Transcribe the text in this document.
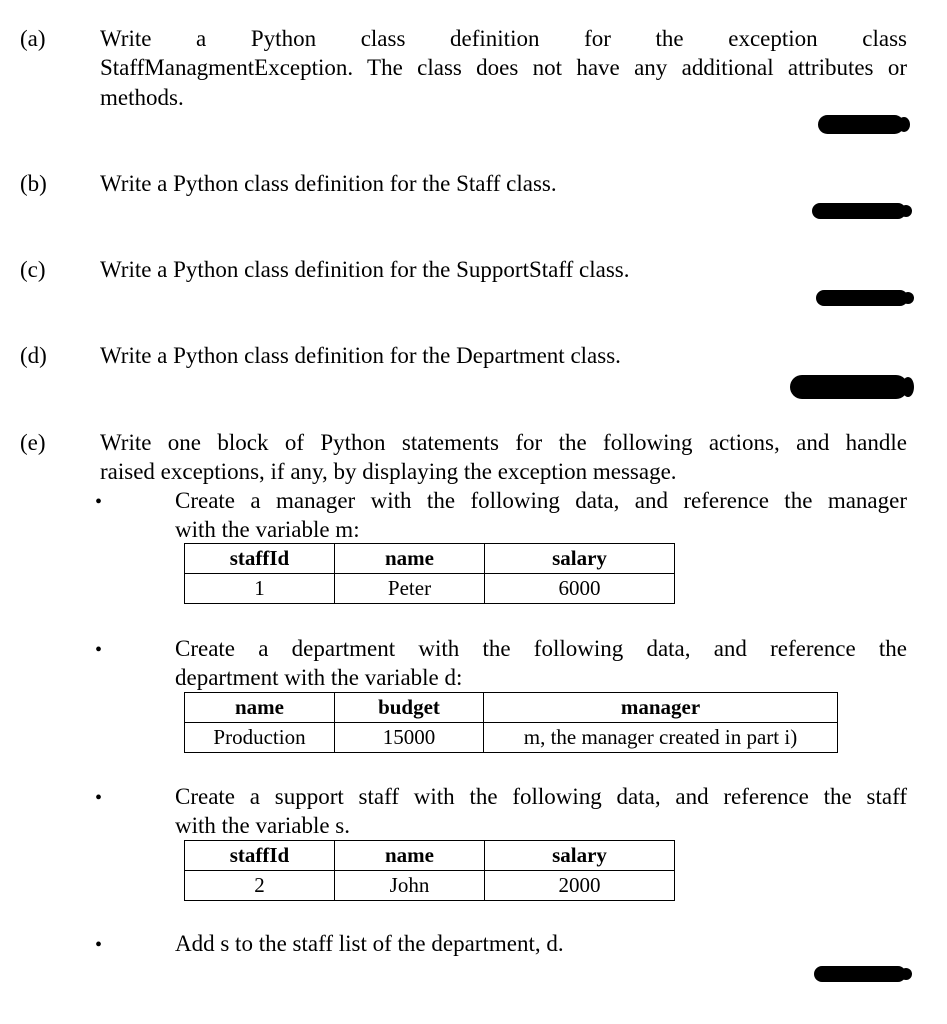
(a) Write a Python class definition for the exception class
StaffManagmentException. The class does not have any additional attributes or
methods.
(b) Write a Python class definition for the Staff class.
(c) Write a Python class definition for the SupportStaff class.
(d) Write a Python class definition for the Department class.
(e) Write one block of Python statements for the following actions, and handle
raised exceptions, if any, by displaying the exception message.
•	Create a manager with the following data, and reference the manager
with the variable m:
staffId	name	salary
1	Peter	6000
•	Create a department with the following data, and reference the
department with the variable d:
name	budget	manager
Production	15000	m, the manager created in part i)
•	Create a support staff with the following data, and reference the staff
with the variable s.
staffId	name	salary
2	John	2000
•	Add s to the staff list of the department, d.
